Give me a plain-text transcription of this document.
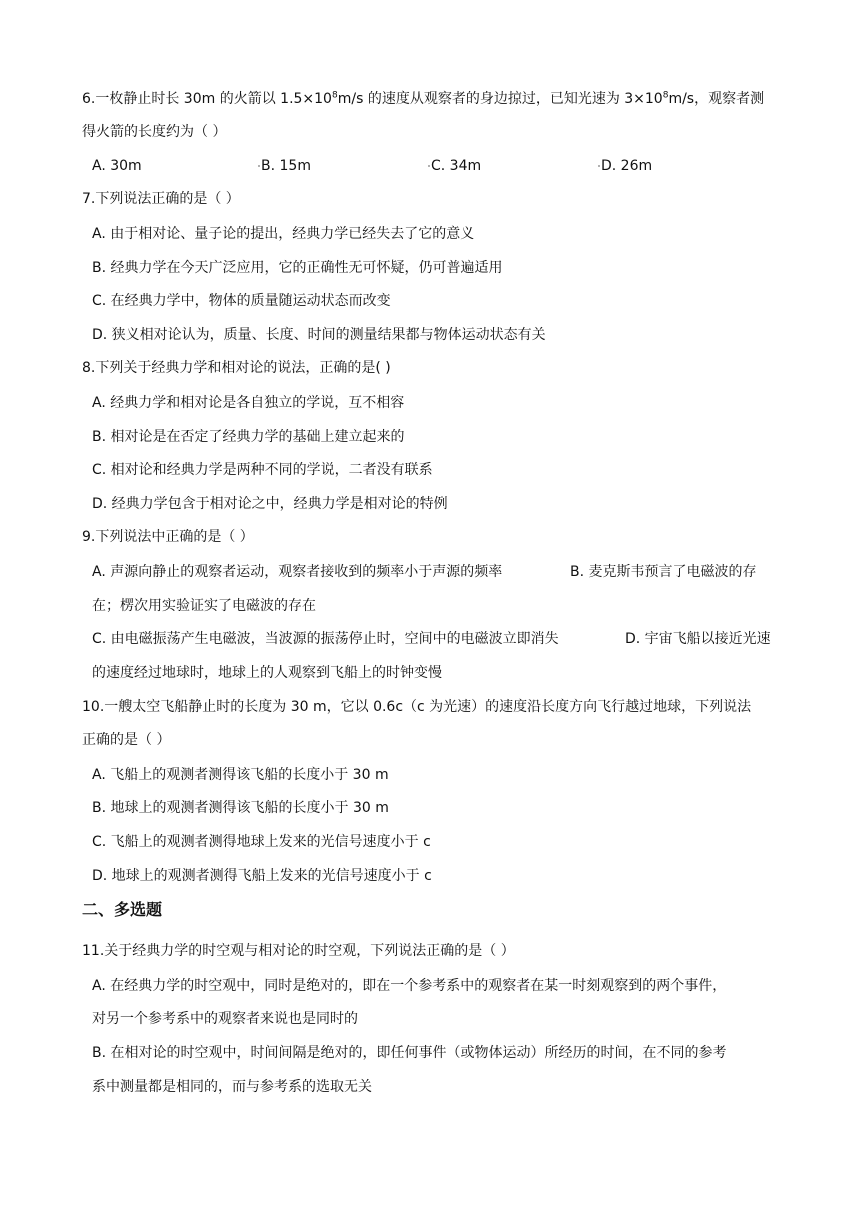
6.一枚静止时长 30m 的火箭以 $1.5\times 10^8m/s$ 的速度从观察者的身边掠过，已知光速为 $3\times 10^8m/s$，观察者测
得火箭的长度约为（ ）
A. 30m	B. 15m	C. 34m	D. 26m
7.下列说法正确的是（ ）
A. 由于相对论、量子论的提出，经典力学已经失去了它的意义
B. 经典力学在今天广泛应用，它的正确性无可怀疑，仍可普遍适用
C. 在经典力学中，物体的质量随运动状态而改变
D. 狭义相对论认为，质量、长度、时间的测量结果都与物体运动状态有关
8.下列关于经典力学和相对论的说法，正确的是( )
A. 经典力学和相对论是各自独立的学说，互不相容
B. 相对论是在否定了经典力学的基础上建立起来的
C. 相对论和经典力学是两种不同的学说，二者没有联系
D. 经典力学包含于相对论之中，经典力学是相对论的特例
9.下列说法中正确的是（ ）
A. 声源向静止的观察者运动，观察者接收到的频率小于声源的频率	B. 麦克斯韦预言了电磁波的存
在；楞次用实验证实了电磁波的存在
C. 由电磁振荡产生电磁波，当波源的振荡停止时，空间中的电磁波立即消失	D. 宇宙飞船以接近光速
的速度经过地球时，地球上的人观察到飞船上的时钟变慢
10.一艘太空飞船静止时的长度为 30 m，它以 0.6c（c 为光速）的速度沿长度方向飞行越过地球，下列说法
正确的是（ ）
A. 飞船上的观测者测得该飞船的长度小于 30 m
B. 地球上的观测者测得该飞船的长度小于 30 m
C. 飞船上的观测者测得地球上发来的光信号速度小于 c
D. 地球上的观测者测得飞船上发来的光信号速度小于 c
二、多选题
11.关于经典力学的时空观与相对论的时空观，下列说法正确的是（ ）
A. 在经典力学的时空观中，同时是绝对的，即在一个参考系中的观察者在某一时刻观察到的两个事件，
对另一个参考系中的观察者来说也是同时的
B. 在相对论的时空观中，时间间隔是绝对的，即任何事件（或物体运动）所经历的时间，在不同的参考
系中测量都是相同的，而与参考系的选取无关
